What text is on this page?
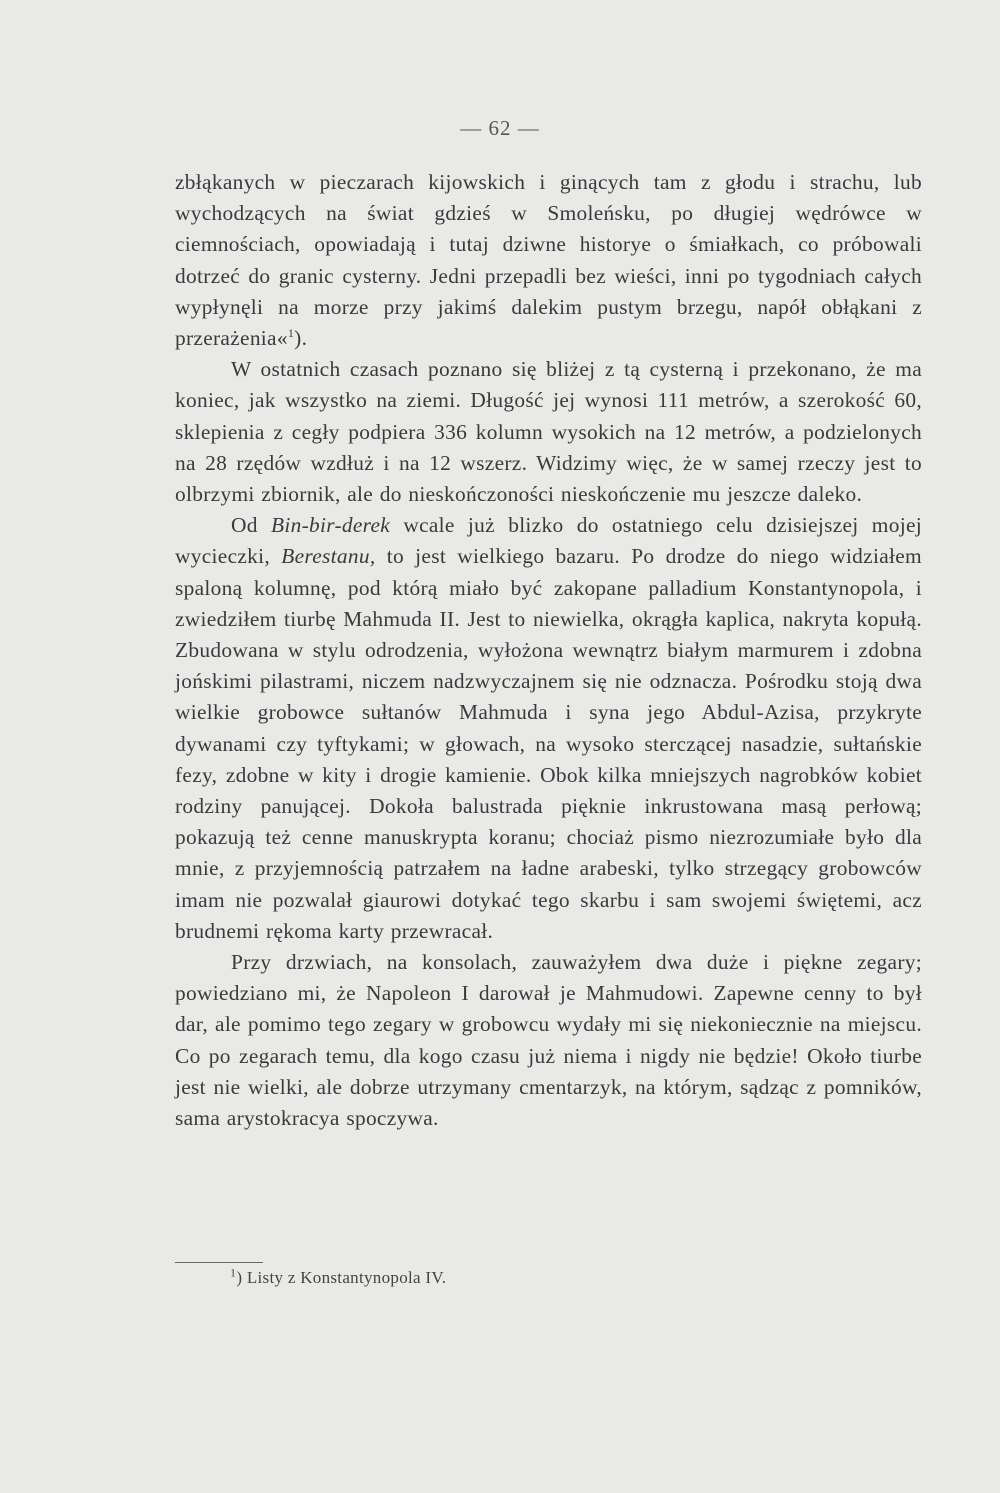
— 62 —

zbłąkanych w pieczarach kijowskich i ginących tam z głodu i strachu, lub wychodzących na świat gdzieś w Smoleńsku, po długiej wędrówce w ciemnościach, opowiadają i tutaj dziwne historye o śmiałkach, co próbowali dotrzeć do granic cysterny. Jedni przepadli bez wieści, inni po tygodniach całych wypłynęli na morze przy jakimś dalekim pustym brzegu, napół obłąkani z przerażenia«$^1$).

W ostatnich czasach poznano się bliżej z tą cysterną i przekonano, że ma koniec, jak wszystko na ziemi. Długość jej wynosi 111 metrów, a szerokość 60, sklepienia z cegły podpiera 336 kolumn wysokich na 12 metrów, a podzielonych na 28 rzędów wzdłuż i na 12 wszerz. Widzimy więc, że w samej rzeczy jest to olbrzymi zbiornik, ale do nieskończoności nieskończenie mu jeszcze daleko.

Od Bin-bir-derek wcale już blizko do ostatniego celu dzisiejszej mojej wycieczki, Berestanu, to jest wielkiego bazaru. Po drodze do niego widziałem spaloną kolumnę, pod którą miało być zakopane palladium Konstantynopola, i zwiedziłem tiurbę Mahmuda II. Jest to niewielka, okrągła kaplica, nakryta kopułą. Zbudowana w stylu odrodzenia, wyłożona wewnątrz białym marmurem i zdobna jońskimi pilastrami, niczem nadzwyczajnem się nie odznacza. Pośrodku stoją dwa wielkie grobowce sułtanów Mahmuda i syna jego Abdul-Azisa, przykryte dywanami czy tyftykami; w głowach, na wysoko sterczącej nasadzie, sułtańskie fezy, zdobne w kity i drogie kamienie. Obok kilka mniejszych nagrobków kobiet rodziny panującej. Dokoła balustrada pięknie inkrustowana masą perłową; pokazują też cenne manuskrypta koranu; chociaż pismo niezrozumiałe było dla mnie, z przyjemnością patrzałem na ładne arabeski, tylko strzegący grobowców imam nie pozwalał giaurowi dotykać tego skarbu i sam swojemi świętemi, acz brudnemi rękoma karty przewracał.

Przy drzwiach, na konsolach, zauważyłem dwa duże i piękne zegary; powiedziano mi, że Napoleon I darował je Mahmudowi. Zapewne cenny to był dar, ale pomimo tego zegary w grobowcu wydały mi się niekoniecznie na miejscu. Co po zegarach temu, dla kogo czasu już niema i nigdy nie będzie! Około tiurbe jest nie wielki, ale dobrze utrzymany cmentarzyk, na którym, sądząc z pomników, sama arystokracya spoczywa.

$^1$) Listy z Konstantynopola IV.
